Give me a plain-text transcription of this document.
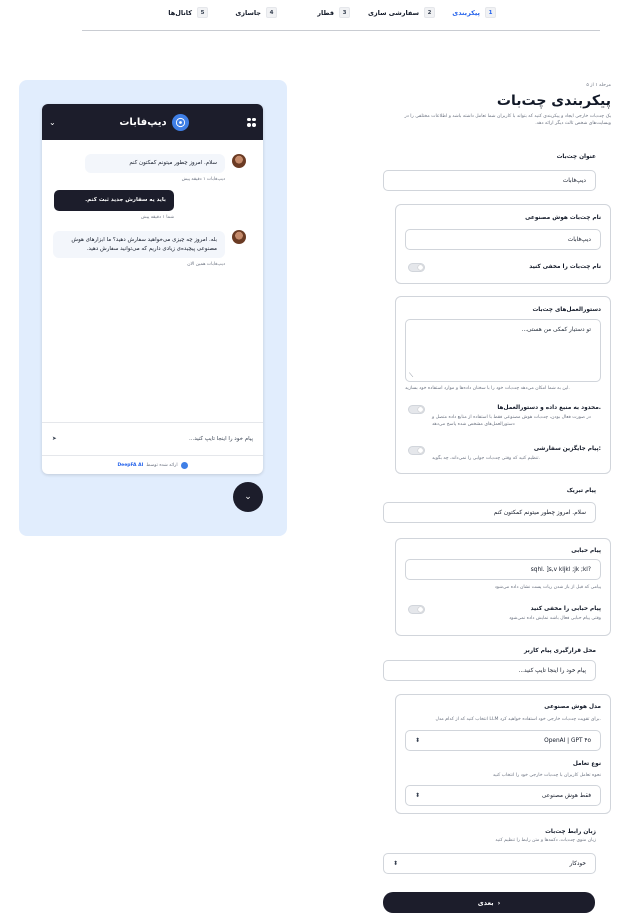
1
پیکربندی
2
سفارشی سازی
3
قطار
4
جاسازی
5
کانال‌ها
⌄	دیپ‌فابات
سلام. امروز چطور میتونم کمکتون کنم
دیپ‌فابات ۱ دقیقه پیش
باید یه سفارش جدید ثبت کنم.
شما ۱ دقیقه پیش
بله. امروز چه چیزی می‌خواهید سفارش دهید؟ ما ابزارهای هوش مصنوعی پیچیده‌ی زیادی داریم که می‌توانید سفارش دهید.
دیپ‌فابات همین الان
پیام خود را اینجا تایپ کنید...
➤
ارائه شده توسط
DeepFA AI
⌄
مرحله ۱ از ۵
پیکربندی چت‌بات
یک چت‌بات خارجی ایجاد و پیکربندی کنید که بتواند با کاربران شما تعامل داشته باشد و اطلاعات مختلفی را در وبسایت‌های شخص ثالث دیگر ارائه دهد.
عنوان چت‌بات
دیپ‌فابات
نام چت‌بات هوش مصنوعی
دیپ‌فابات
نام چت‌بات را مخفی کنید
دستورالعمل‌های چت‌بات
تو دستیار کمکی من هستی...
⟋
این به شما امکان می‌دهد چت‌بات خود را با سخنان داده‌ها و موارد استفاده خود بسازید.
محدود به منبع داده و دستورالعمل‌ها.
در صورت فعال بودن، چت‌بات هوش مصنوعی فقط با استفاده از منابع داده متصل و دستورالعمل‌های مشخص شده پاسخ می‌دهد
پیام جایگزین سفارشی:
تنظیم کنید که وقتی چت‌بات جوابی را نمی‌داند، چه بگوید.
پیام تبریک
سلام. امروز چطور میتونم کمکتون کنم
پیام حبابی
?sqhl. ]s,v kljkl ;jk ;kl
پیامی که قبل از باز شدن ربات پست نشان داده می‌شود
پیام حبابی را مخفی کنید
وقتی پیام حبابی فعال باشد نمایش داده نمی‌شود
محل قرارگیری پیام کاربر
پیام خود را اینجا تایپ کنید...
مدل هوش مصنوعی
انتخاب کنید که از کدام مدل LLM برای تقویت چت‌بات خارجی خود استفاده خواهید کرد.
OpenAI | GPT ۴o
⬍
نوع تعامل
نحوه تعامل کاربران با چت‌بات خارجی خود را انتخاب کنید
فقط هوش مصنوعی
⬍
زبان رابط چت‌بات
زبان منوی چت‌بات، دکمه‌ها و متن رابط را تنظیم کنید
خودکار
⬍
بعدی ›
